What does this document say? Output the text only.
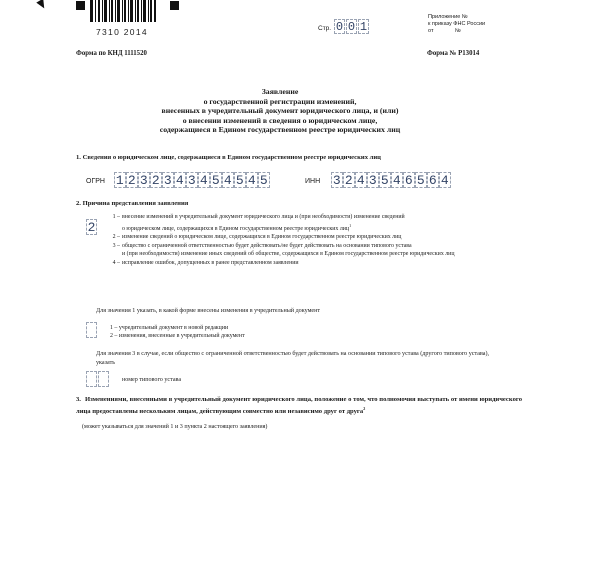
7310 2014	Стр. 0 0 1
Приложение №
к приказу ФНС России
от              №
Форма по КНД 1111520	Форма № Р13014
Заявление
о государственной регистрации изменений,
внесенных в учредительный документ юридического лица, и (или)
о внесении изменений в сведения о юридическом лице,
содержащиеся в Едином государственном реестре юридических лиц
1. Сведения о юридическом лице, содержащиеся в Едином государственном реестре юридических лиц
ОГРН 1 2 3 2 3 4 3 4 5 4 5 4 5	ИНН 3 2 4 3 5 4 6 5 6 4
2. Причина представления заявления
2
1 – внесение изменений в учредительный документ юридического лица и (при необходимости) изменение сведений
о юридическом лице, содержащихся в Едином государственном реестре юридических лиц$^1$
2 – изменение сведений о юридическом лице, содержащихся в Едином государственном реестре юридических лиц
3 – общество с ограниченной ответственностью будет действовать/не будет действовать на основании типового устава
и (при необходимости) изменение иных сведений об обществе, содержащихся в Едином государственном реестре юридических лиц
4 – исправление ошибок, допущенных в ранее представленном заявлении
Для значения 1 указать, в какой форме внесены изменения в учредительный документ
1 – учредительный документ в новой редакции
2 – изменения, внесенные в учредительный документ
Для значения 3 в случае, если общество с ограниченной ответственностью будет действовать на основании типового устава (другого типового устава), указать
номер типового устава
3. Изменениями, внесенными в учредительный документ юридического лица, положение о том, что полномочия выступать от имени юридического лица предоставлены нескольким лицам, действующим совместно или независимо друг от друга$^2$
(может указываться для значений 1 и 3 пункта 2 настоящего заявления)
